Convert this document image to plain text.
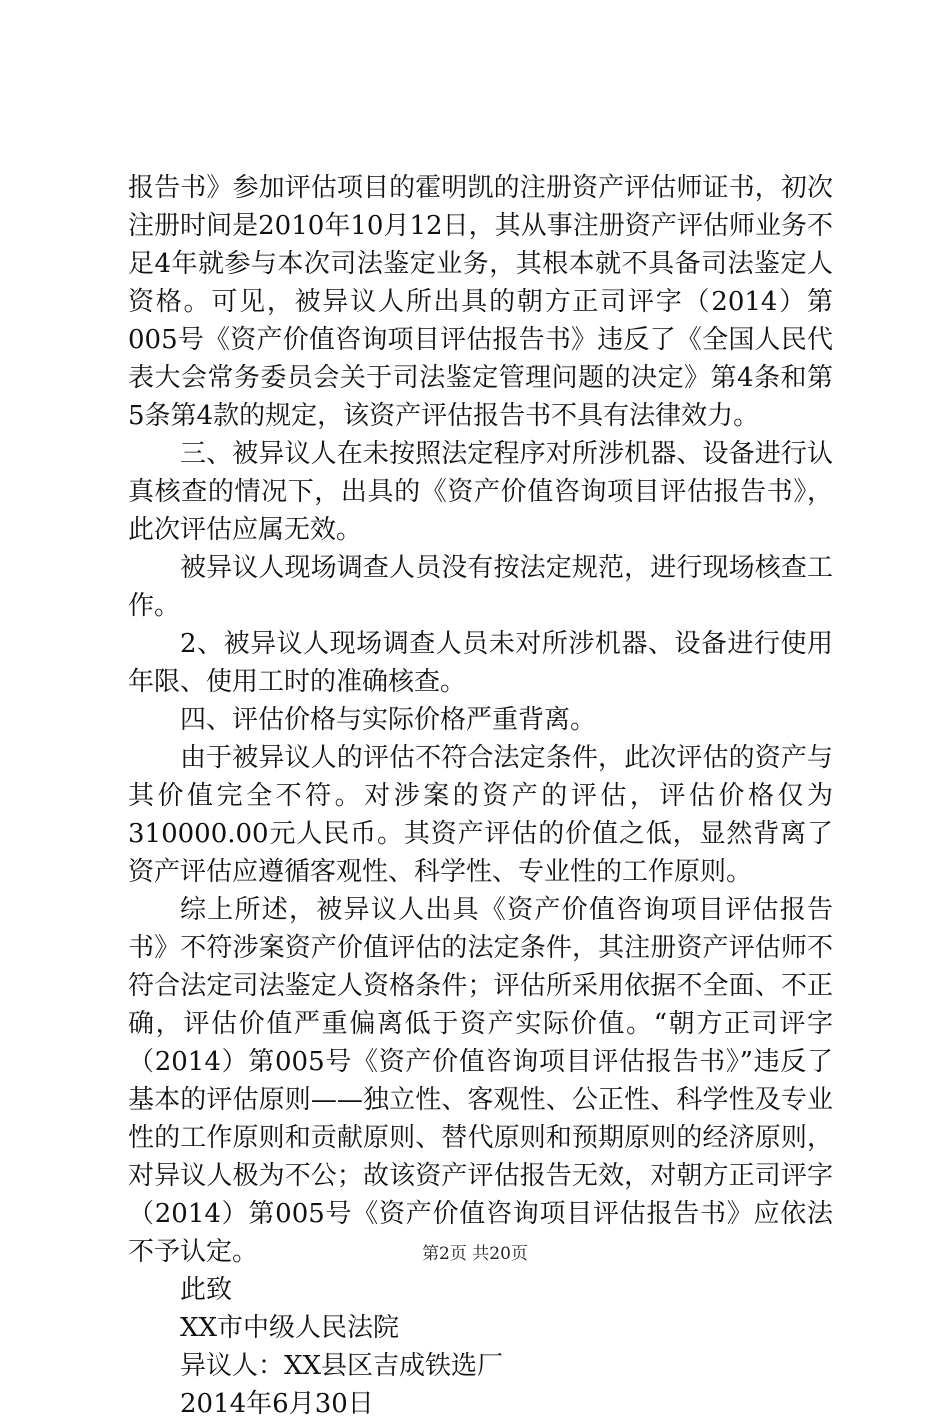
报告书》参加评估项目的霍明凯的注册资产评估师证书，初次注册时间是2010年10月12日，其从事注册资产评估师业务不足4年就参与本次司法鉴定业务，其根本就不具备司法鉴定人资格。可见，被异议人所出具的朝方正司评字（2014）第005号《资产价值咨询项目评估报告书》违反了《全国人民代表大会常务委员会关于司法鉴定管理问题的决定》第4条和第5条第4款的规定，该资产评估报告书不具有法律效力。

三、被异议人在未按照法定程序对所涉机器、设备进行认真核查的情况下，出具的《资产价值咨询项目评估报告书》，此次评估应属无效。

被异议人现场调查人员没有按法定规范，进行现场核查工作。

2、被异议人现场调查人员未对所涉机器、设备进行使用年限、使用工时的准确核查。

四、评估价格与实际价格严重背离。

由于被异议人的评估不符合法定条件，此次评估的资产与其价值完全不符。对涉案的资产的评估，评估价格仅为310000.00元人民币。其资产评估的价值之低，显然背离了资产评估应遵循客观性、科学性、专业性的工作原则。

综上所述，被异议人出具《资产价值咨询项目评估报告书》不符涉案资产价值评估的法定条件，其注册资产评估师不符合法定司法鉴定人资格条件；评估所采用依据不全面、不正确，评估价值严重偏离低于资产实际价值。“朝方正司评字（2014）第005号《资产价值咨询项目评估报告书》”违反了基本的评估原则——独立性、客观性、公正性、科学性及专业性的工作原则和贡献原则、替代原则和预期原则的经济原则，对异议人极为不公；故该资产评估报告无效，对朝方正司评字（2014）第005号《资产价值咨询项目评估报告书》应依法不予认定。

此致

XX市中级人民法院

异议人：XX县区吉成铁选厂

2014年6月30日

第2页 共20页
